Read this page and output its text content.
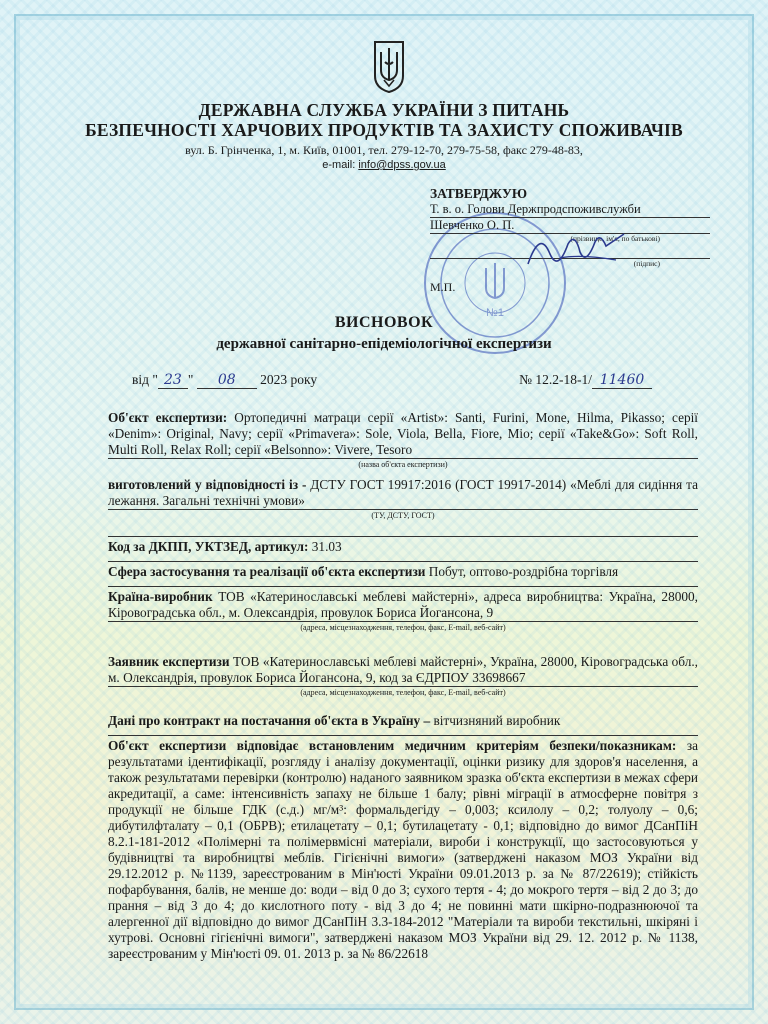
ДЕРЖАВНА СЛУЖБА УКРАЇНИ З ПИТАНЬ
БЕЗПЕЧНОСТІ ХАРЧОВИХ ПРОДУКТІВ ТА ЗАХИСТУ СПОЖИВАЧІВ
вул. Б. Грінченка, 1, м. Київ, 01001, тел. 279-12-70, 279-75-58, факс 279-48-83,
e-mail: info@dpss.gov.ua
№1
ЗАТВЕРДЖУЮ
Т. в. о. Голови Держпродспоживслужби
Шевченко О. П.
(прізвище, ім'я, по батькові)
(підпис)
М.П.
ВИСНОВОК
державної санітарно-епідеміологічної експертизи
від " 23 " 08 2023 року	№ 12.2-18-1/ 11460
Об'єкт експертизи: Ортопедичні матраци серії «Artist»: Santi, Furini, Mone, Hilma, Pikasso; серії «Denim»: Original, Navy; серії «Primavera»: Sole, Viola, Bella, Fiore, Mio; серії «Take&Go»: Soft Roll, Multi Roll, Relax Roll; серії «Belsonno»: Vivere, Tesoro
(назва об'єкта експертизи)
виготовлений у відповідності із - ДСТУ ГОСТ 19917:2016 (ГОСТ 19917-2014) «Меблі для сидіння та лежання. Загальні технічні умови»
(ТУ, ДСТУ, ГОСТ)
Код за ДКПП, УКТЗЕД, артикул: 31.03
Сфера застосування та реалізації об'єкта експертизи Побут, оптово-роздрібна торгівля
Країна-виробник ТОВ «Катеринославські меблеві майстерні», адреса виробництва: Україна, 28000, Кіровоградська обл., м. Олександрія, провулок Бориса Йогансона, 9
(адреса, місцезнаходження, телефон, факс, E-mail, веб-сайт)
Заявник експертизи ТОВ «Катеринославські меблеві майстерні», Україна, 28000, Кіровоградська обл., м. Олександрія, провулок Бориса Йогансона, 9, код за ЄДРПОУ 33698667
(адреса, місцезнаходження, телефон, факс, E-mail, веб-сайт)
Дані про контракт на постачання об'єкта в Україну – вітчизняний виробник
Об'єкт експертизи відповідає встановленим медичним критеріям безпеки/показникам: за результатами ідентифікації, розгляду і аналізу документації, оцінки ризику для здоров'я населення, а також результатами перевірки (контролю) наданого заявником зразка об'єкта експертизи в межах сфери акредитації, а саме: інтенсивність запаху не більше 1 балу; рівні міграції в атмосферне повітря з продукції не більше ГДК (с.д.) мг/м³: формальдегіду – 0,003; ксилолу – 0,2; толуолу – 0,6; дибутилфталату – 0,1 (ОБРВ); етилацетату – 0,1; бутилацетату - 0,1; відповідно до вимог ДСанПіН 8.2.1-181-2012 «Полімерні та полімервмісні матеріали, вироби і конструкції, що застосовуються у будівництві та виробництві меблів. Гігієнічні вимоги» (затверджені наказом МОЗ України від 29.12.2012 р. №1139, зареєстрованим в Мін'юсті України 09.01.2013 р. за № 87/22619); стійкість пофарбування, балів, не менше до: води – від 0 до 3; сухого тертя - 4; до мокрого тертя – від 2 до 3; до прання – від 3 до 4; до кислотного поту - від 3 до 4; не повинні мати шкірно-подразнюючої та алергенної дії відповідно до вимог ДСанПіН 3.3-184-2012 "Матеріали та вироби текстильні, шкіряні і хутрові. Основні гігієнічні вимоги", затверджені наказом МОЗ України від 29. 12. 2012 р. № 1138, зареєстрованим у Мін'юсті 09. 01. 2013 р. за № 86/22618
